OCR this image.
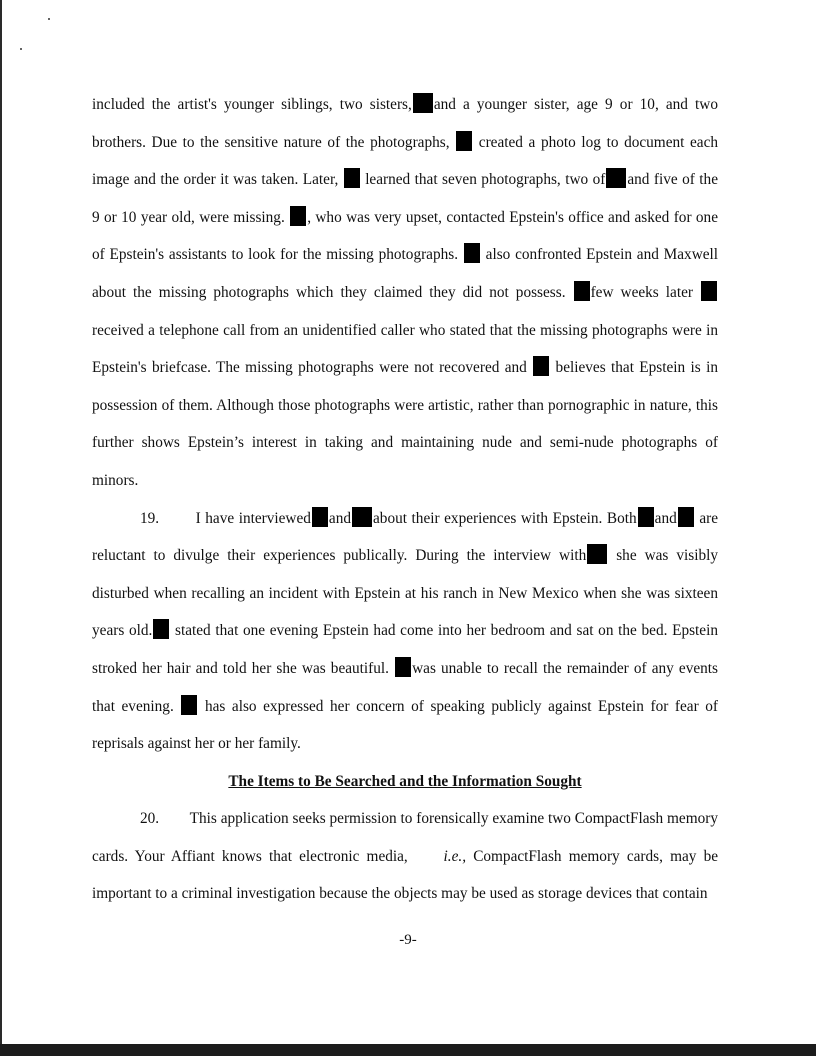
included the artist's younger siblings, two sisters, and a younger sister, age 9 or 10, and two brothers. Due to the sensitive nature of the photographs, created a photo log to document each image and the order it was taken. Later, learned that seven photographs, two of and five of the 9 or 10 year old, were missing. , who was very upset, contacted Epstein's office and asked for one of Epstein's assistants to look for the missing photographs. also confronted Epstein and Maxwell about the missing photographs which they claimed they did not possess. few weeks later  received a telephone call from an unidentified caller who stated that the missing photographs were in Epstein's briefcase. The missing photographs were not recovered and believes that Epstein is in possession of them. Although those photographs were artistic, rather than pornographic in nature, this further shows Epstein’s interest in taking and maintaining nude and semi-nude photographs of minors.

19. I have interviewed and about their experiences with Epstein. Both and are reluctant to divulge their experiences publically. During the interview with she was visibly disturbed when recalling an incident with Epstein at his ranch in New Mexico when she was sixteen years old. stated that one evening Epstein had come into her bedroom and sat on the bed. Epstein stroked her hair and told her she was beautiful. was unable to recall the remainder of any events that evening. has also expressed her concern of speaking publicly against Epstein for fear of reprisals against her or her family.

The Items to Be Searched and the Information Sought

20. This application seeks permission to forensically examine two CompactFlash memory cards. Your Affiant knows that electronic media, i.e., CompactFlash memory cards, may be important to a criminal investigation because the objects may be used as storage devices that contain

-9-
